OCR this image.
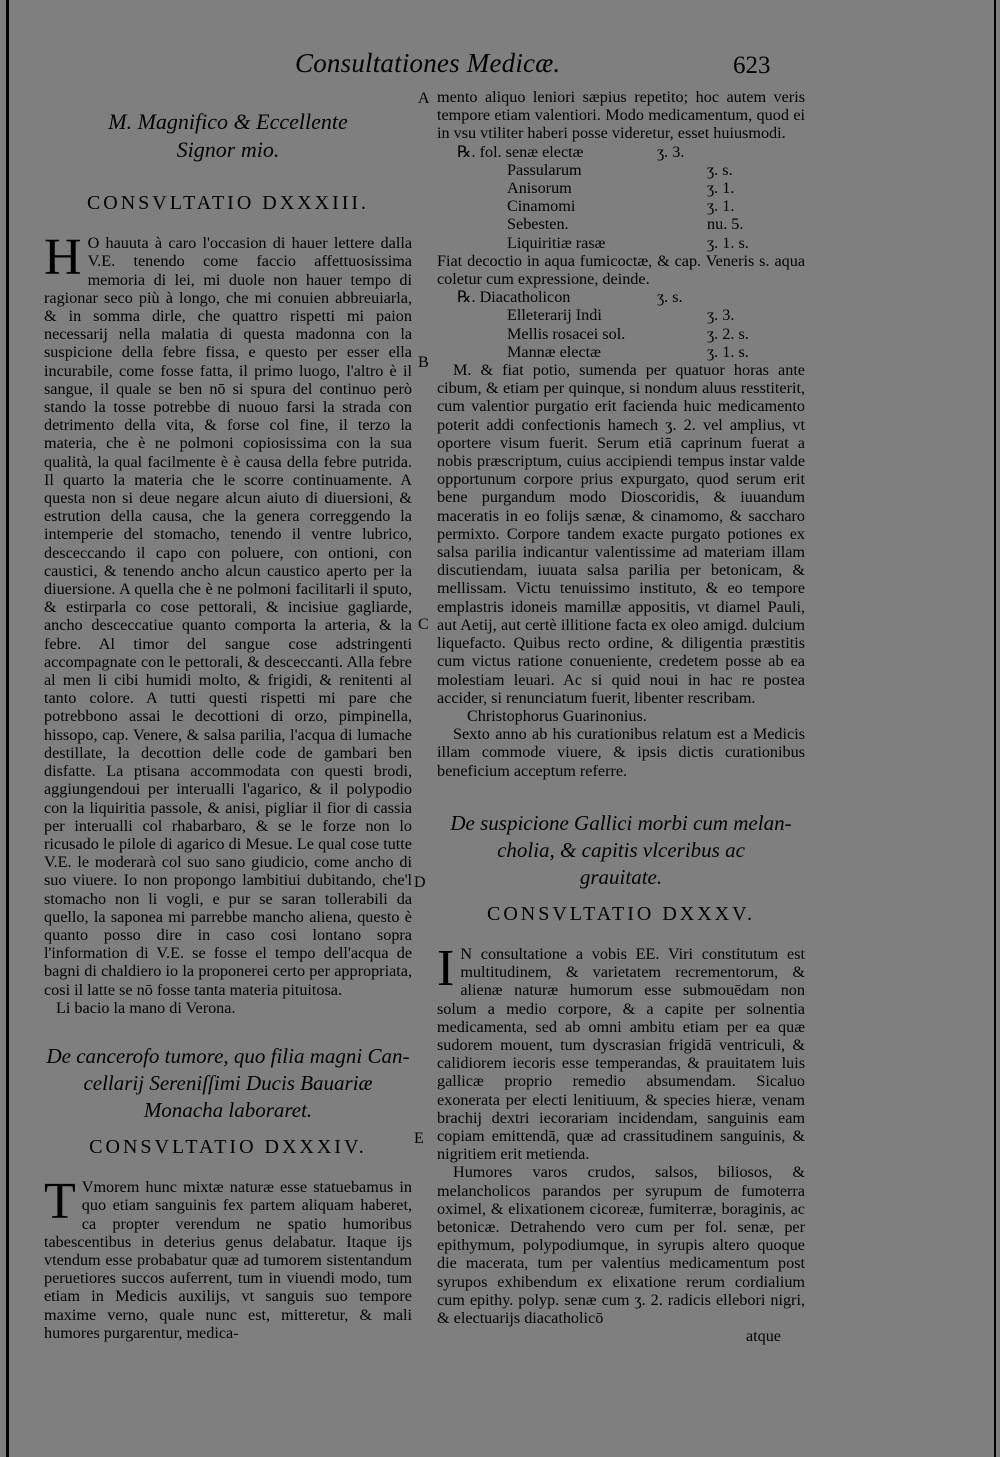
Consultationes Medicæ.	623
A
B
C
D
E
M. Magnifico & Eccellente
Signor mio.
CONSVLTATIO DXXXIII.

H O hauuta à caro l'occasion di hauer lettere dalla V.E. tenendo come faccio affettuosissima memoria di lei, mi duole non hauer tempo di ragionar seco più à longo, che mi conuien abbreuiarla, & in somma dirle, che quattro rispetti mi paion necessarij nella malatia di questa madonna con la suspicione della febre fissa, e questo per esser ella incurabile, come fosse fatta, il primo luogo, l'altro è il sangue, il quale se ben nō si spura del continuo però stando la tosse potrebbe di nuouo farsi la strada con detrimento della vita, & forse col fine, il terzo la materia, che è ne polmoni copiosissima con la sua qualità, la qual facilmente è è causa della febre putrida. Il quarto la materia che le scorre continuamente. A questa non si deue negare alcun aiuto di diuersioni, & estrution della causa, che la genera correggendo la intemperie del stomacho, tenendo il ventre lubrico, desceccando il capo con poluere, con ontioni, con caustici, & tenendo ancho alcun caustico aperto per la diuersione. A quella che è ne polmoni facilitarli il sputo, & estirparla co cose pettorali, & incisiue gagliarde, ancho desceccatiue quanto comporta la arteria, & la febre. Al timor del sangue cose adstringenti accompagnate con le pettorali, & desceccanti. Alla febre al men li cibi humidi molto, & frigidi, & renitenti al tanto colore. A tutti questi rispetti mi pare che potrebbono assai le decottioni di orzo, pimpinella, hissopo, cap. Venere, & salsa parilia, l'acqua di lumache destillate, la decottion delle code de gambari ben disfatte. La ptisana accommodata con questi brodi, aggiungendoui per interualli l'agarico, & il polypodio con la liquiritia passole, & anisi, pigliar il fior di cassia per interualli col rhabarbaro, & se le forze non lo ricusado le pilole di agarico di Mesue. Le qual cose tutte V.E. le moderarà col suo sano giudicio, come ancho di suo viuere. Io non propongo lambitiui dubitando, che'l stomacho non li vogli, e pur se saran tollerabili da quello, la saponea mi parrebbe mancho aliena, questo è quanto posso dire in caso cosi lontano sopra l'information di V.E. se fosse el tempo dell'acqua de bagni di chaldiero io la proponerei certo per appropriata, cosi il latte se nō fosse tanta materia pituitosa.

Li bacio la mano di Verona.

De cancerofo tumore, quo filia magni Can-
cellarij Sereniſſimi Ducis Bauariæ
Monacha laboraret.
CONSVLTATIO DXXXIV.

T Vmorem hunc mixtæ naturæ esse statuebamus in quo etiam sanguinis fex partem aliquam haberet, ca propter verendum ne spatio humoribus tabescentibus in deterius genus delabatur. Itaque ijs vtendum esse probabatur quæ ad tumorem sistentandum peruetiores succos auferrent, tum in viuendi modo, tum etiam in Medicis auxilijs, vt sanguis suo tempore maxime verno, quale nunc est, mitteretur, & mali humores purgarentur, medica-

mento aliquo leniori sæpius repetito; hoc autem veris tempore etiam valentiori. Modo medicamentum, quod ei in vsu vtiliter haberi posse videretur, esset huiusmodi.

℞. fol. senæ electæ	ʒ. 3.
Passularum	ʒ. s.
Anisorum	ʒ. 1.
Cinamomi	ʒ. 1.
Sebesten.	nu. 5.
Liquiritiæ rasæ	ʒ. 1. s.

Fiat decoctio in aqua fumicoctæ, & cap. Veneris s. aqua coletur cum expressione, deinde.

℞. Diacatholicon	ʒ. s.
Elleterarij Indi	ʒ. 3.
Mellis rosacei sol.	ʒ. 2. s.
Mannæ electæ	ʒ. 1. s.

M. & fiat potio, sumenda per quatuor horas ante cibum, & etiam per quinque, si nondum aluus resstiterit, cum valentior purgatio erit facienda huic medicamento poterit addi confectionis hamech ʒ. 2. vel amplius, vt oportere visum fuerit. Serum etiā caprinum fuerat a nobis præscriptum, cuius accipiendi tempus instar valde opportunum corpore prius expurgato, quod serum erit bene purgandum modo Dioscoridis, & iuuandum maceratis in eo folijs sænæ, & cinamomo, & saccharo permixto. Corpore tandem exacte purgato potiones ex salsa parilia indicantur valentissime ad materiam illam discutiendam, iuuata salsa parilia per betonicam, & mellissam. Victu tenuissimo instituto, & eo tempore emplastris idoneis mamillæ appositis, vt diamel Pauli, aut Aetij, aut certè illitione facta ex oleo amigd. dulcium liquefacto. Quibus recto ordine, & diligentia præstitis cum victus ratione conueniente, credetem posse ab ea molestiam leuari. Ac si quid noui in hac re postea accider, si renunciatum fuerit, libenter rescribam.

Christophorus Guarinonius.

Sexto anno ab his curationibus relatum est a Medicis illam commode viuere, & ipsis dictis curationibus beneficium acceptum referre.

De suspicione Gallici morbi cum melan-
cholia, & capitis vlceribus ac
grauitate.
CONSVLTATIO DXXXV.

I N consultatione a vobis EE. Viri constitutum est multitudinem, & varietatem recrementorum, & alienæ naturæ humorum esse submouēdam non solum a medio corpore, & a capite per solnentia medicamenta, sed ab omni ambitu etiam per ea quæ sudorem mouent, tum dyscrasian frigidā ventriculi, & calidiorem iecoris esse temperandas, & prauitatem luis gallicæ proprio remedio absumendam. Sicaluo exonerata per electi lenitiuum, & species hieræ, venam brachij dextri iecorariam incidendam, sanguinis eam copiam emittendā, quæ ad crassitudinem sanguinis, & nigritiem erit metienda.

Humores varos crudos, salsos, biliosos, & melancholicos parandos per syrupum de fumoterra oximel, & elixationem cicoreæ, fumiterræ, boraginis, ac betonicæ. Detrahendo vero cum per fol. senæ, per epithymum, polypodiumque, in syrupis altero quoque die macerata, tum per valentius medicamentum post syrupos exhibendum ex elixatione rerum cordialium cum epithy. polyp. senæ cum ʒ. 2. radicis ellebori nigri, & electuarijs diacatholicō

atque
